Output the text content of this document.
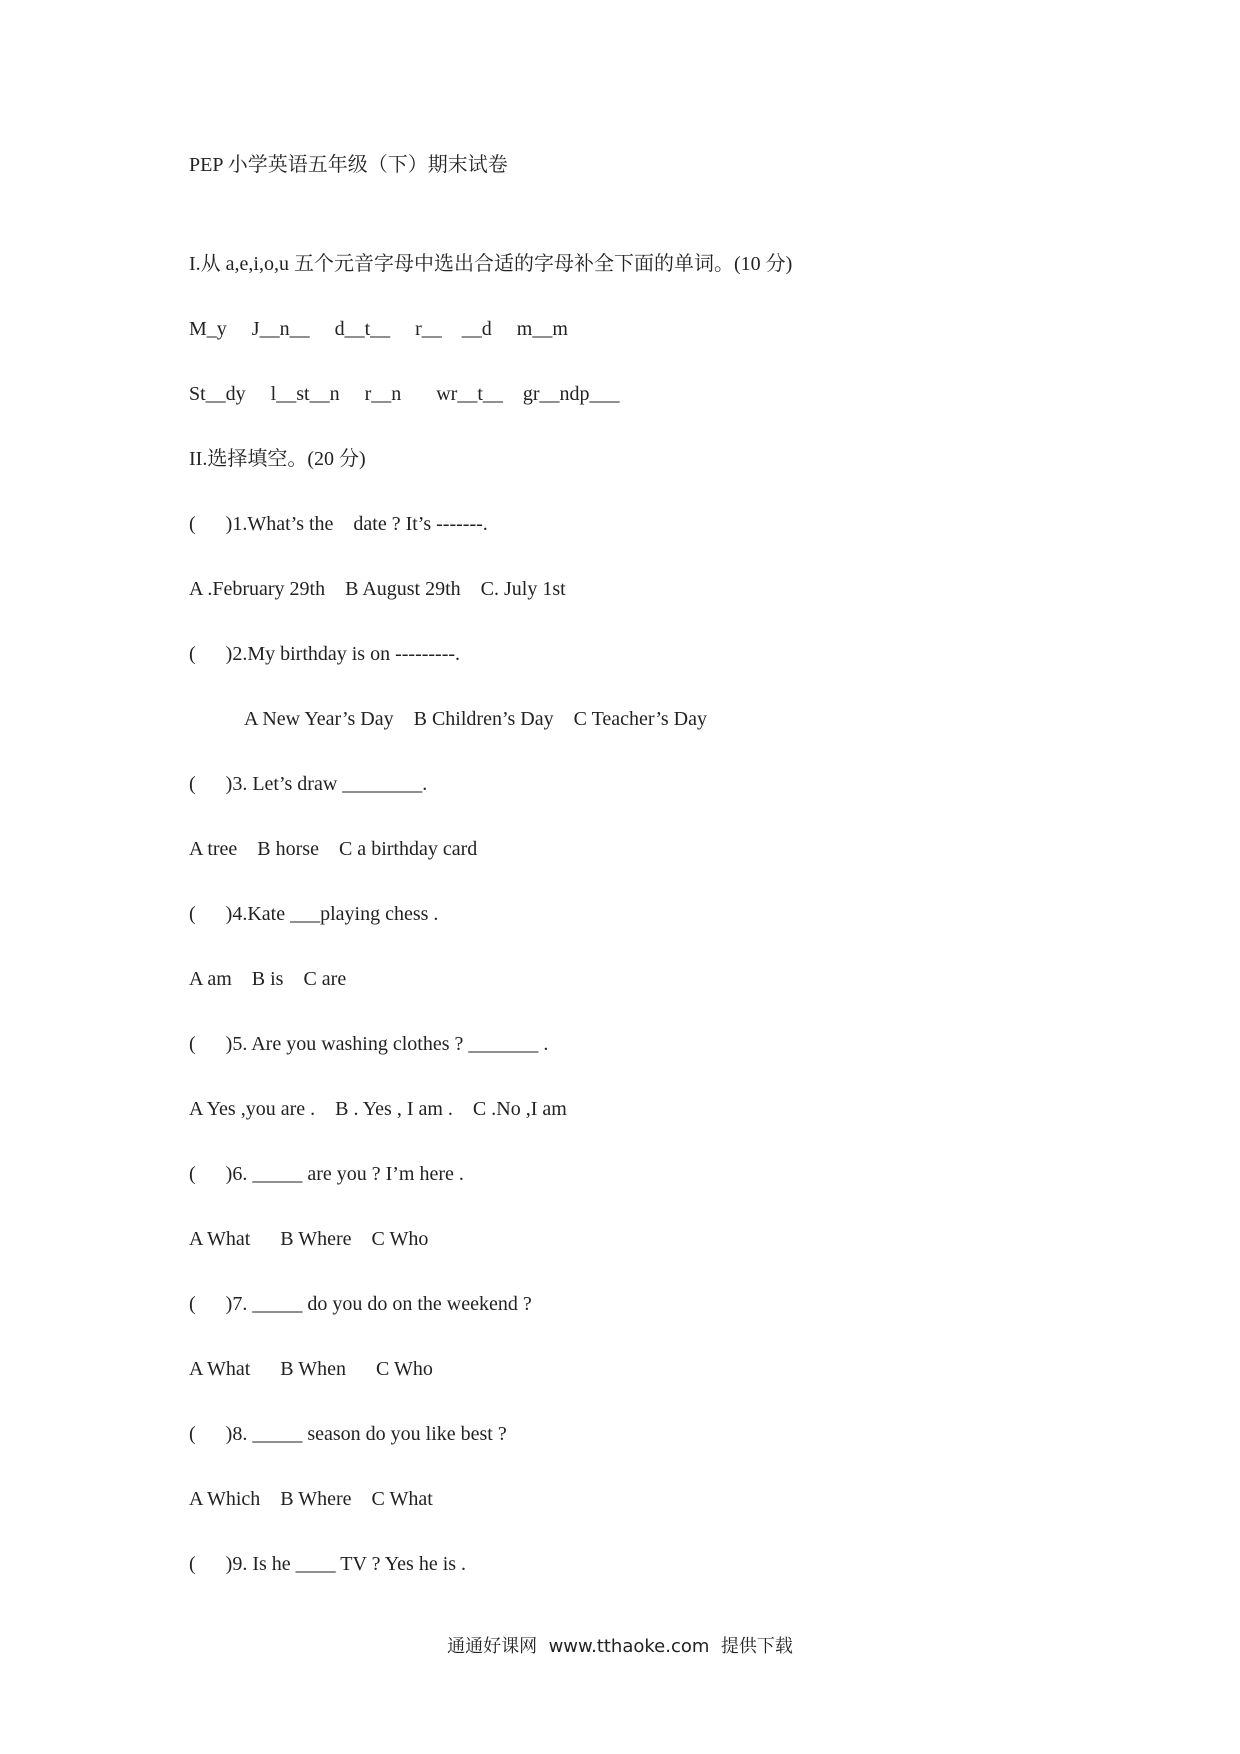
PEP 小学英语五年级（下）期末试卷
I.从 a,e,i,o,u 五个元音字母中选出合适的字母补全下面的单词。(10 分)
M_y     J__n__     d__t__     r__    __d     m__m
St__dy     l__st__n     r__n       wr__t__    gr__ndp___
II.选择填空。(20 分)
(      )1.What’s the    date ? It’s -------.
A .February 29th    B August 29th    C. July 1st
(      )2.My birthday is on ---------.
A New Year’s Day    B Children’s Day    C Teacher’s Day
(      )3. Let’s draw ________.
A tree    B horse    C a birthday card
(      )4.Kate ___playing chess .
A am    B is    C are
(      )5. Are you washing clothes ? _______ .
A Yes ,you are .    B . Yes , I am .    C .No ,I am
(      )6. _____ are you ? I’m here .
A What      B Where    C Who
(      )7. _____ do you do on the weekend ?
A What      B When      C Who
(      )8. _____ season do you like best ?
A Which    B Where    C What
(      )9. Is he ____ TV ? Yes he is .
通通好课网  www.tthaoke.com  提供下载
